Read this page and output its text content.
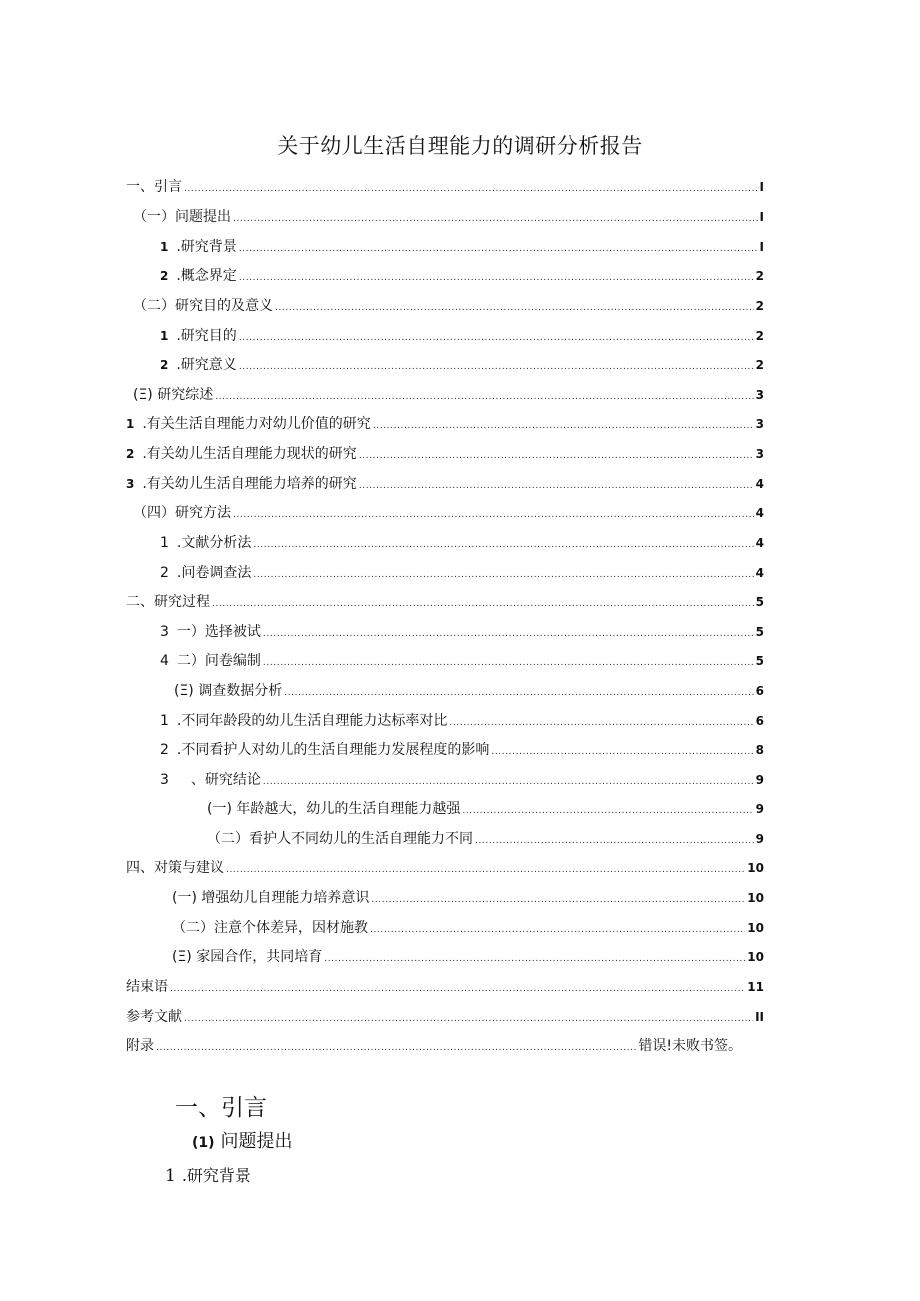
关于幼儿生活自理能力的调研分析报告
一、引言 .....	I
（一）问题提出 .....	I
1 .研究背景 .....	I
2 .概念界定 .....	2
（二）研究目的及意义 .....	2
1 .研究目的 .....	2
2 .研究意义 .....	2
(Ξ) 研究综述 .....	3
1 .有关生活自理能力对幼儿价值的研究 .....	3
2 .有关幼儿生活自理能力现状的研究 .....	3
3 .有关幼儿生活自理能力培养的研究 .....	4
（四）研究方法 .....	4
1 .文献分析法 .....	4
2 .问卷调查法 .....	4
二、研究过程 .....	5
3 一）选择被试 .....	5
4 二）问卷编制 .....	5
(Ξ) 调查数据分析 .....	6
1 .不同年龄段的幼儿生活自理能力达标率对比 .....	6
2 .不同看护人对幼儿的生活自理能力发展程度的影响 .....	8
3 、研究结论 .....	9
(一) 年龄越大，幼儿的生活自理能力越强 .....	9
（二）看护人不同幼儿的生活自理能力不同 .....	9
四、对策与建议 .....	10
(一) 增强幼儿自理能力培养意识 .....	10
（二）注意个体差异，因材施教 .....	10
(Ξ) 家园合作，共同培育 .....	10
结束语 .....	11
参考文献 .....	II
附录 .....	错误!未败书签。
一、引言
(1) 问题提出
1 .研究背景
